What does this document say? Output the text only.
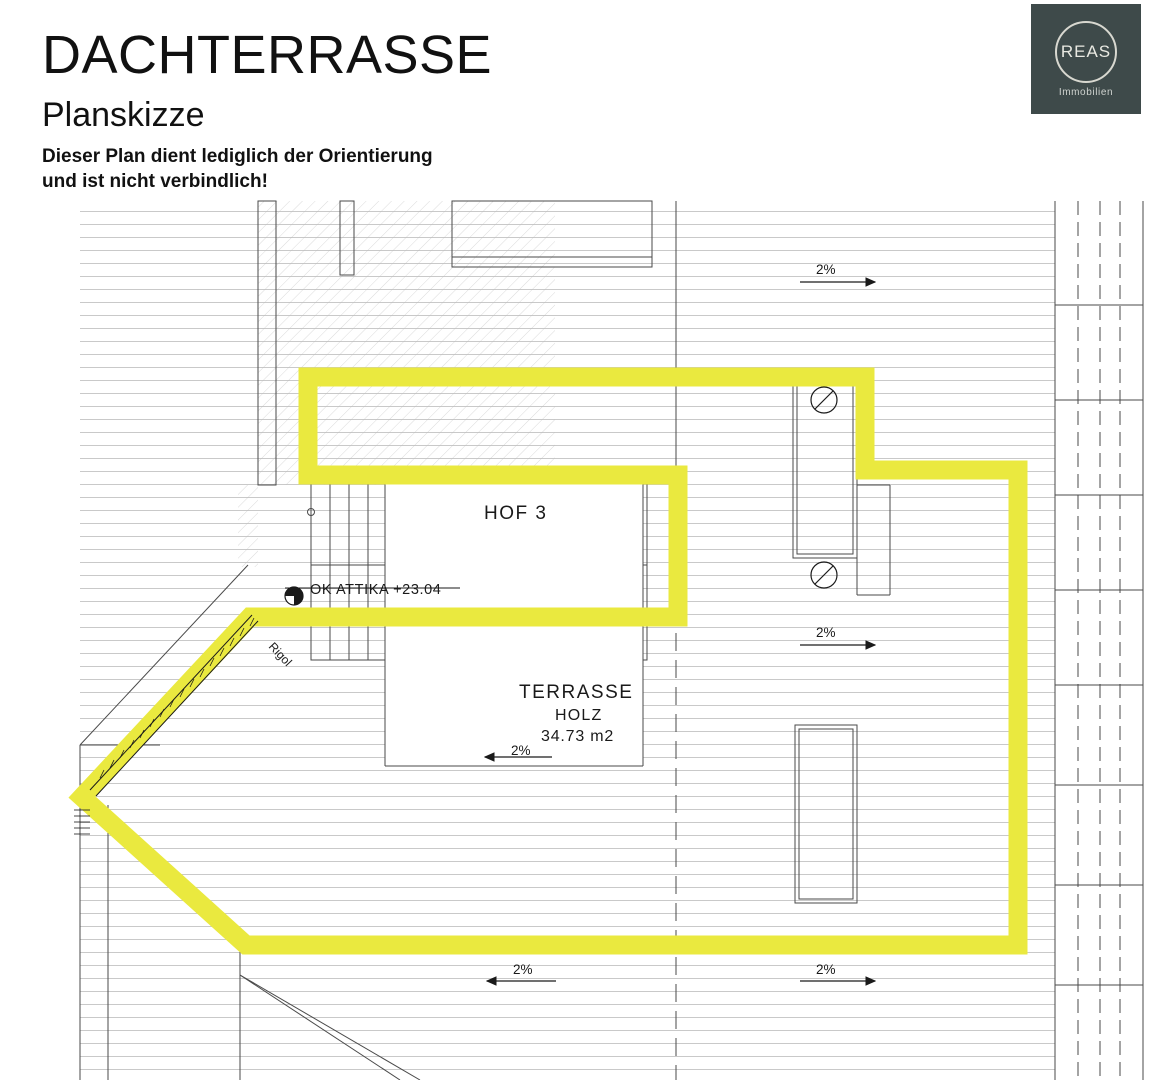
DACHTERRASSE
Planskizze
Dieser Plan dient lediglich der Orientierung
und ist nicht verbindlich!
REAS
Immobilien
HOF 3
OK ATTIKA +23.04
Rigol
TERRASSE
HOLZ
34.73 m2
2%
2%
2%
2%	2%
